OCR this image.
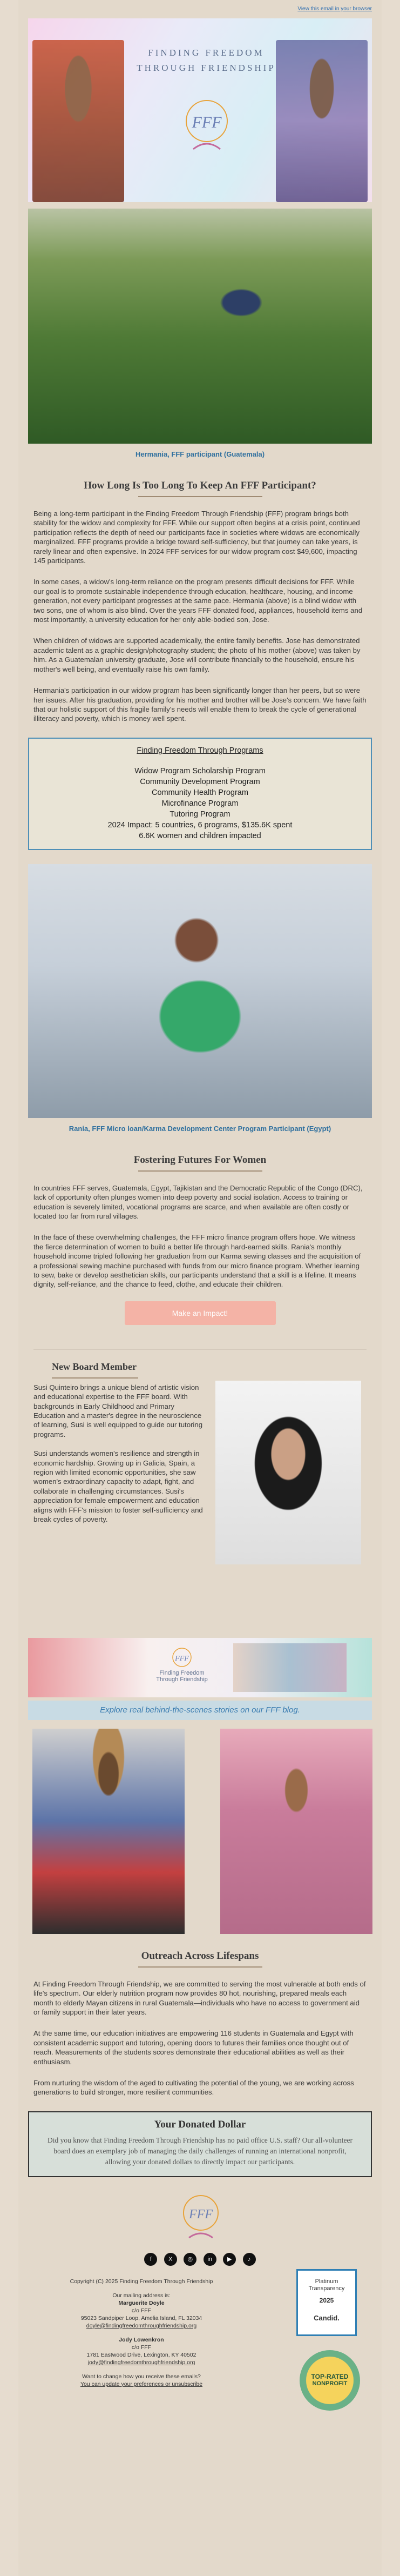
View this email in your browser
FINDING FREEDOM
THROUGH FRIENDSHIP
FFF
Hermania, FFF participant (Guatemala)
How Long Is Too Long To Keep An FFF Participant?

Being a long-term participant in the Finding Freedom Through Friendship (FFF) program brings both stability for the widow and complexity for FFF. While our support often begins at a crisis point, continued participation reflects the depth of need our participants face in societies where widows are economically marginalized. FFF programs provide a bridge toward self-sufficiency, but that journey can take years, is rarely linear and often expensive. In 2024 FFF services for our widow program cost $49,600, impacting 145 participants.

In some cases, a widow's long-term reliance on the program presents difficult decisions for FFF. While our goal is to promote sustainable independence through education, healthcare, housing, and income generation, not every participant progresses at the same pace. Hermania (above) is a blind widow with two sons, one of whom is also blind. Over the years FFF donated food, appliances, household items and most importantly, a university education for her only able-bodied son, Jose.

When children of widows are supported academically, the entire family benefits. Jose has demonstrated academic talent as a graphic design/photography student; the photo of his mother (above) was taken by him. As a Guatemalan university graduate, Jose will contribute financially to the household, ensure his mother's well being, and eventually raise his own family.

Hermania's participation in our widow program has been significantly longer than her peers, but so were her issues. After his graduation, providing for his mother and brother will be Jose's concern. We have faith that our holistic support of this fragile family's needs will enable them to break the cycle of generational illiteracy and poverty, which is money well spent.

Finding Freedom Through Programs
Widow Program Scholarship Program
Community Development Program
Community Health Program
Microfinance Program
Tutoring Program
2024 Impact: 5 countries, 6 programs, $135.6K spent
6.6K women and children impacted
Rania, FFF Micro loan/Karma Development Center Program Participant (Egypt)
Fostering Futures For Women

In countries FFF serves, Guatemala, Egypt, Tajikistan and the Democratic Republic of the Congo (DRC), lack of opportunity often plunges women into deep poverty and social isolation. Access to training or education is severely limited, vocational programs are scarce, and when available are often costly or located too far from rural villages.

In the face of these overwhelming challenges, the FFF micro finance program offers hope. We witness the fierce determination of women to build a better life through hard-earned skills. Rania's monthly household income tripled following her graduation from our Karma sewing classes and the acquisition of a professional sewing machine purchased with funds from our micro finance program. Whether learning to sew, bake or develop aesthetician skills, our participants understand that a skill is a lifeline. It means dignity, self-reliance, and the chance to feed, clothe, and educate their children.

Make an Impact!
New Board Member

Susi Quinteiro brings a unique blend of artistic vision and educational expertise to the FFF board. With backgrounds in Early Childhood and Primary Education and a master's degree in the neuroscience of learning, Susi is well equipped to guide our tutoring programs.

Susi understands women's resilience and strength in economic hardship. Growing up in Galicia, Spain, a region with limited economic opportunities, she saw women's extraordinary capacity to adapt, fight, and collaborate in challenging circumstances. Susi's appreciation for female empowerment and education aligns with FFF's mission to foster self-sufficiency and break cycles of poverty.

FFF
Finding Freedom
Through Friendship
Explore real behind-the-scenes stories on our FFF blog.
Outreach Across Lifespans

At Finding Freedom Through Friendship, we are committed to serving the most vulnerable at both ends of life's spectrum. Our elderly nutrition program now provides 80 hot, nourishing, prepared meals each month to elderly Mayan citizens in rural Guatemala—individuals who have no access to government aid or family support in their later years.

At the same time, our education initiatives are empowering 116 students in Guatemala and Egypt with consistent academic support and tutoring, opening doors to futures their families once thought out of reach. Measurements of the students scores demonstrate their educational abilities as well as their enthusiasm.

From nurturing the wisdom of the aged to cultivating the potential of the young, we are working across generations to build stronger, more resilient communities.

Your Donated Dollar
Did you know that Finding Freedom Through Friendship has no paid office U.S. staff? Our all-volunteer board does an exemplary job of managing the daily challenges of running an international nonprofit, allowing your donated dollars to directly impact our participants.
FFF
f	X	◎ in	▶	♪
Copyright (C) 2025 Finding Freedom Through Friendship
Our mailing address is:
Marguerite Doyle
c/o FFF
95023 Sandpiper Loop, Amelia Island, FL 32034
doyle@findingfreedomthroughfriendship.org
Jody Lowenkron
c/o FFF
1781 Eastwood Drive, Lexington, KY 40502
jody@findingfreedomthroughfriendship.org
Want to change how you receive these emails?
You can update your preferences or unsubscribe
Platinum
Transparency
2025
Candid.
TOP-RATED
NONPROFIT
